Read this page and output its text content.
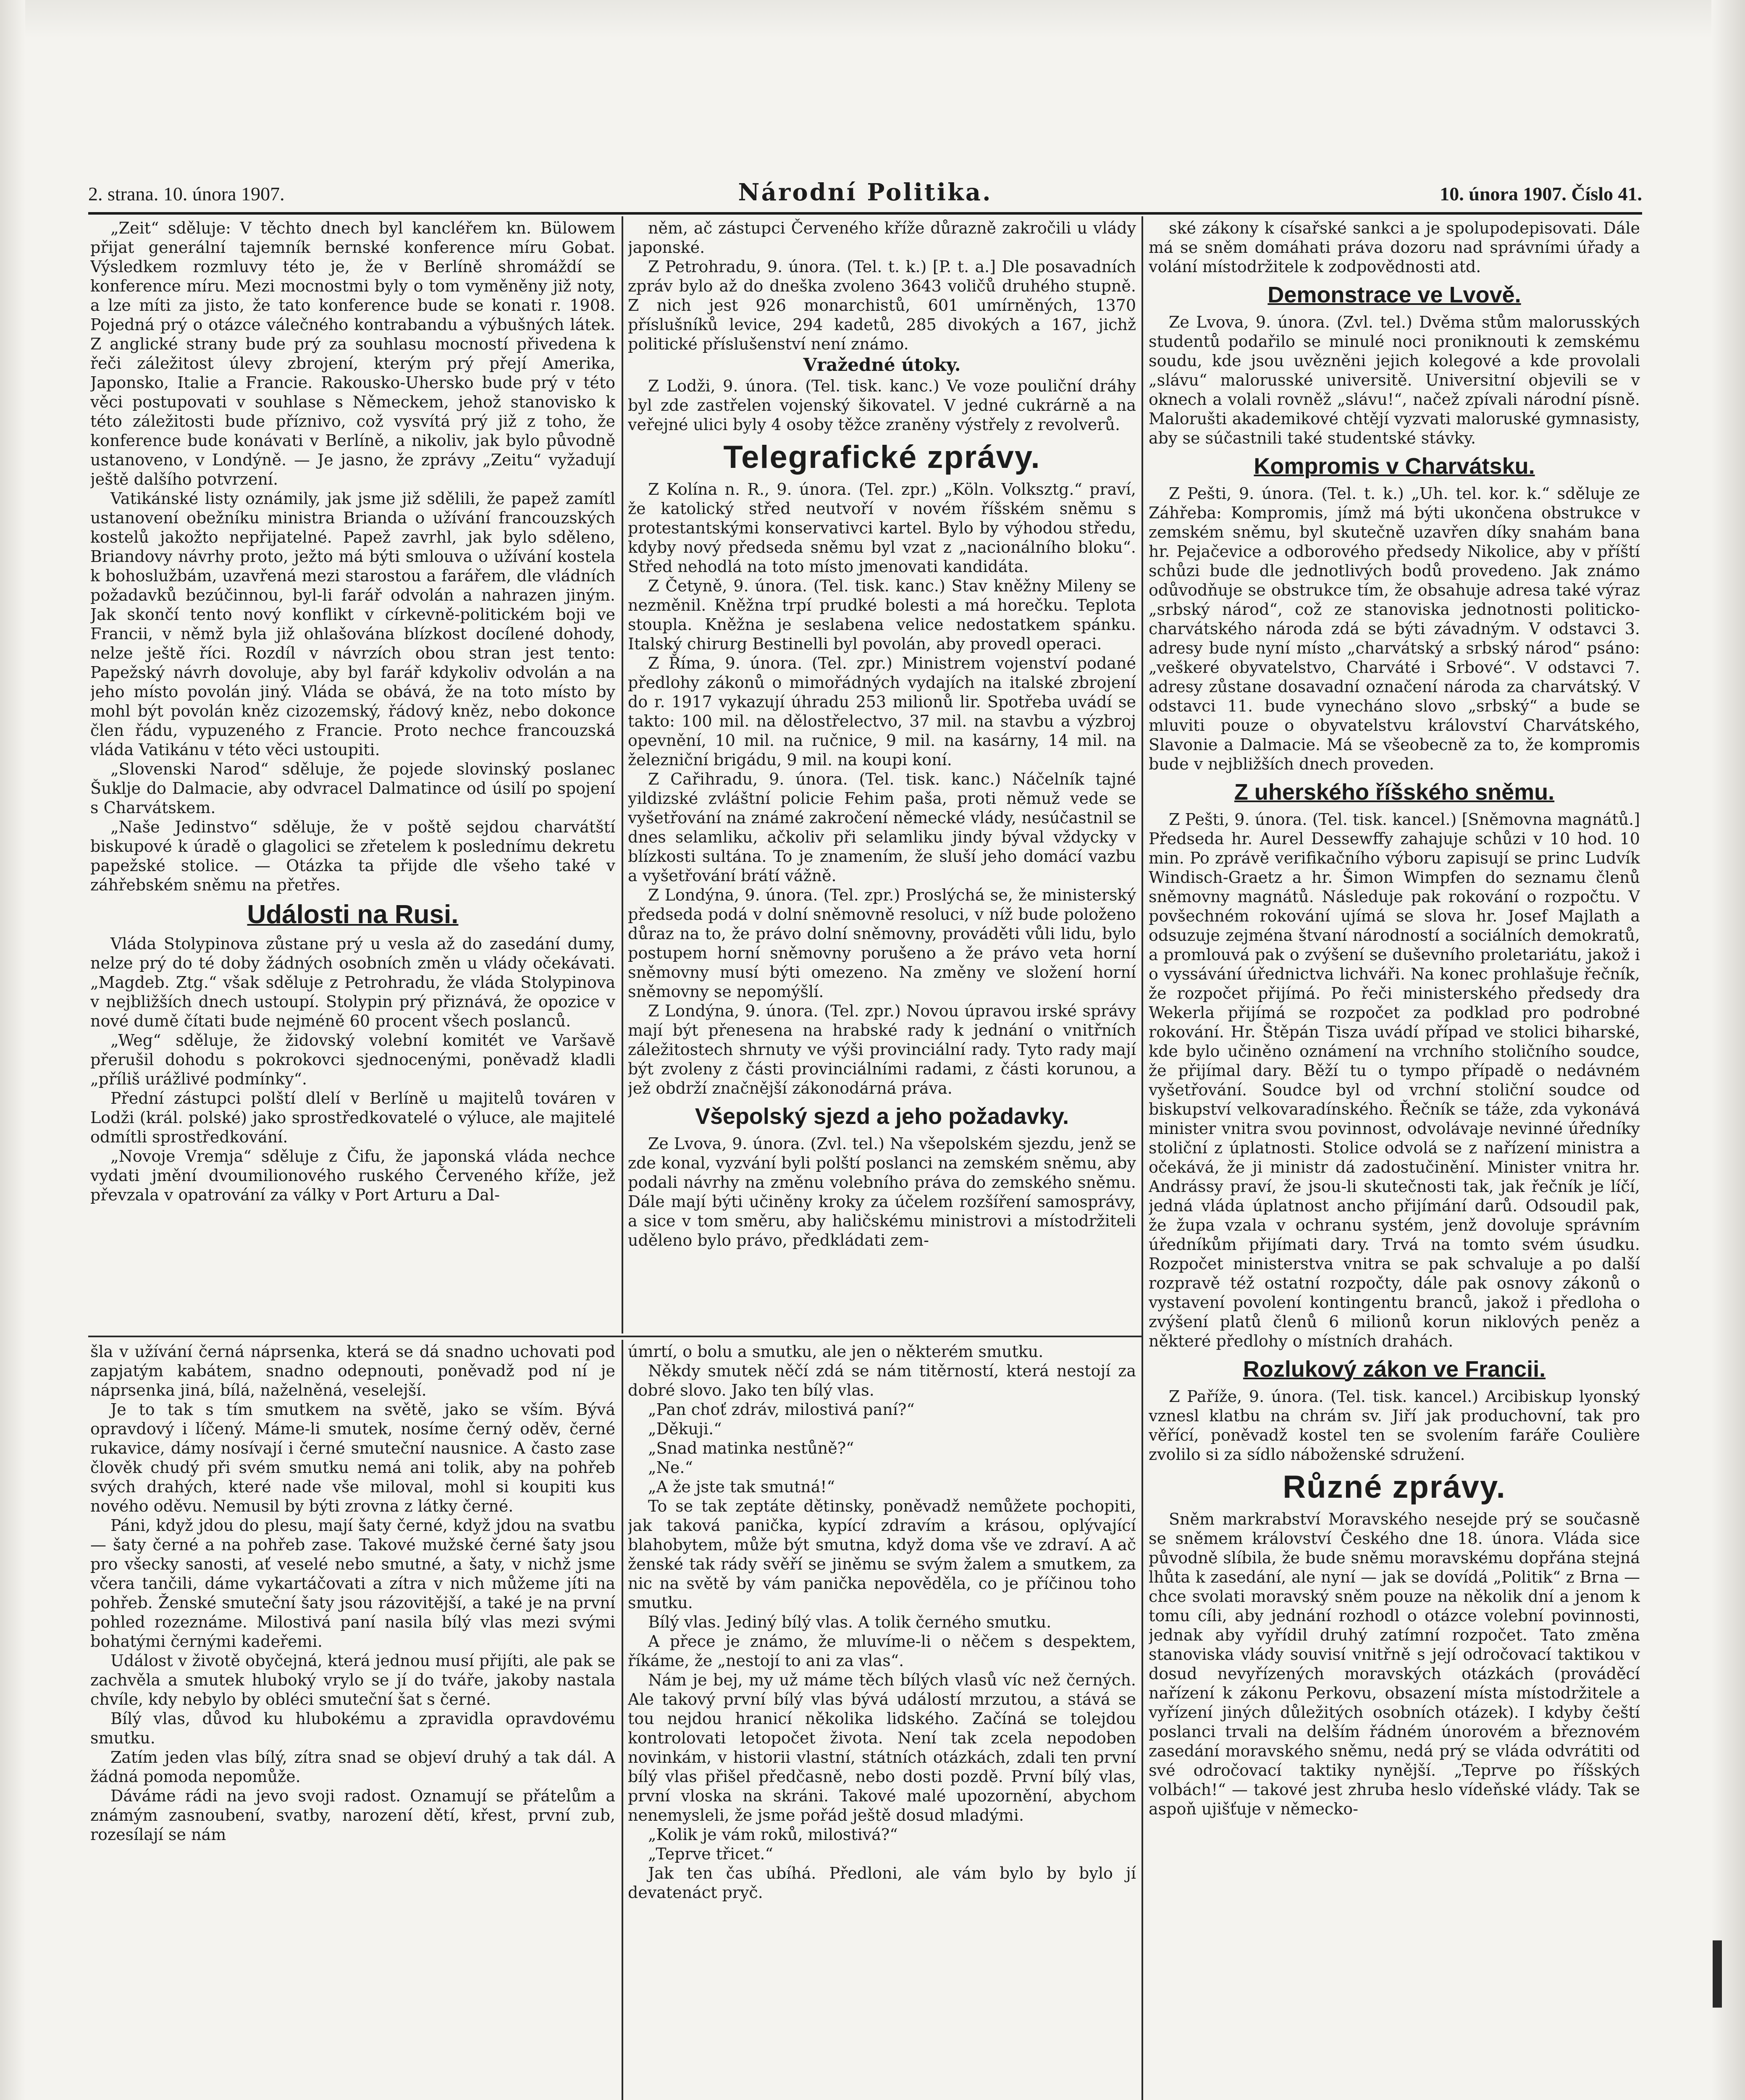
2. strana. 10. února 1907.	Národní Politika.	10. února 1907. Číslo 41.

„Zeit“ sděluje: V těchto dnech byl kancléřem kn. Bülowem přijat generální tajemník bernské konference míru Gobat. Výsledkem rozmluvy této je, že v Berlíně shromáždí se konference míru. Mezi mocnostmi byly o tom vyměněny již noty, a lze míti za jisto, že tato konference bude se konati r. 1908. Pojedná prý o otázce válečného kontrabandu a výbušných látek. Z anglické strany bude prý za souhlasu mocností přivedena k řeči záležitost úlevy zbrojení, kterým prý přejí Amerika, Japonsko, Italie a Francie. Rakousko-Uhersko bude prý v této věci postupovati v souhlase s Německem, jehož stanovisko k této záležitosti bude příznivo, což vysvítá prý již z toho, že konference bude konávati v Berlíně, a nikoliv, jak bylo původně ustanoveno, v Londýně. — Je jasno, že zprávy „Zeitu“ vyžadují ještě dalšího potvrzení.

Vatikánské listy oznámily, jak jsme již sdělili, že papež zamítl ustanovení obežníku ministra Brianda o užívání francouzských kostelů jakožto nepřijatelné. Papež zavrhl, jak bylo sděleno, Briandovy návrhy proto, ježto má býti smlouva o užívání kostela k bohoslužbám, uzavřená mezi starostou a farářem, dle vládních požadavků bezúčinnou, byl-li farář odvolán a nahrazen jiným. Jak skončí tento nový konflikt v církevně-politickém boji ve Francii, v němž byla již ohlašována blízkost docílené dohody, nelze ještě říci. Rozdíl v návrzích obou stran jest tento: Papežský návrh dovoluje, aby byl farář kdykoliv odvolán a na jeho místo povolán jiný. Vláda se obává, že na toto místo by mohl být povolán kněz cizozemský, řádový kněz, nebo dokonce člen řádu, vypuzeného z Francie. Proto nechce francouzská vláda Vatikánu v této věci ustoupiti.

„Slovenski Narod“ sděluje, že pojede slovinský poslanec Šuklje do Dalmacie, aby odvracel Dalmatince od úsilí po spojení s Charvátskem.

„Naše Jedinstvo“ sděluje, že v poště sejdou charvátští biskupové k úradě o glagolici se zřetelem k poslednímu dekretu papežské stolice. — Otázka ta přijde dle všeho také v záhřebském sněmu na přetřes.

Události na Rusi.

Vláda Stolypinova zůstane prý u vesla až do zasedání dumy, nelze prý do té doby žádných osobních změn u vlády očekávati. „Magdeb. Ztg.“ však sděluje z Petrohradu, že vláda Stolypinova v nejbližších dnech ustoupí. Stolypin prý přiznává, že opozice v nové dumě čítati bude nejméně 60 procent všech poslanců.

„Weg“ sděluje, že židovský volební komitét ve Varšavě přerušil dohodu s pokrokovci sjednocenými, poněvadž kladli „příliš urážlivé podmínky“.

Přední zástupci polští dlelí v Berlíně u majitelů továren v Lodži (král. polské) jako sprostředkovatelé o výluce, ale majitelé odmítli sprostředkování.

„Novoje Vremja“ sděluje z Čifu, že japonská vláda nechce vydati jmění dvoumilionového ruského Červeného kříže, jež převzala v opatrování za války v Port Arturu a Dal-

něm, ač zástupci Červeného kříže důrazně zakročili u vlády japonské.

Z Petrohradu, 9. února. (Tel. t. k.) [P. t. a.] Dle posavadních zpráv bylo až do dneška zvoleno 3643 voličů druhého stupně. Z nich jest 926 monarchistů, 601 umírněných, 1370 příslušníků levice, 294 kadetů, 285 divokých a 167, jichž politické příslušenství není známo.

Vražedné útoky.

Z Lodži, 9. února. (Tel. tisk. kanc.) Ve voze pouliční dráhy byl zde zastřelen vojenský šikovatel. V jedné cukrárně a na veřejné ulici byly 4 osoby těžce zraněny výstřely z revolverů.

Telegrafické zprávy.

Z Kolína n. R., 9. února. (Tel. zpr.) „Köln. Volksztg.“ praví, že katolický střed neutvoří v novém říšském sněmu s protestantskými konservativci kartel. Bylo by výhodou středu, kdyby nový předseda sněmu byl vzat z „nacionálního bloku“. Střed nehodlá na toto místo jmenovati kandidáta.

Z Četyně, 9. února. (Tel. tisk. kanc.) Stav kněžny Mileny se nezměnil. Kněžna trpí prudké bolesti a má horečku. Teplota stoupla. Kněžna je seslabena velice nedostatkem spánku. Italský chirurg Bestinelli byl povolán, aby provedl operaci.

Z Říma, 9. února. (Tel. zpr.) Ministrem vojenství podané předlohy zákonů o mimořádných vydajích na italské zbrojení do r. 1917 vykazují úhradu 253 milionů lir. Spotřeba uvádí se takto: 100 mil. na dělostřelectvo, 37 mil. na stavbu a výzbroj opevnění, 10 mil. na ručnice, 9 mil. na kasárny, 14 mil. na železniční brigádu, 9 mil. na koupi koní.

Z Cařihradu, 9. února. (Tel. tisk. kanc.) Náčelník tajné yildizské zvláštní policie Fehim paša, proti němuž vede se vyšetřování na známé zakročení německé vlády, nesúčastnil se dnes selamliku, ačkoliv při selamliku jindy býval vždycky v blízkosti sultána. To je znamením, že sluší jeho domácí vazbu a vyšetřování brátí vážně.

Z Londýna, 9. února. (Tel. zpr.) Proslýchá se, že ministerský předseda podá v dolní sněmovně resoluci, v níž bude položeno důraz na to, že právo dolní sněmovny, prováděti vůli lidu, bylo postupem horní sněmovny porušeno a že právo veta horní sněmovny musí býti omezeno. Na změny ve složení horní sněmovny se nepomýšlí.

Z Londýna, 9. února. (Tel. zpr.) Novou úpravou irské správy mají být přenesena na hrabské rady k jednání o vnitřních záležitostech shrnuty ve výši provinciální rady. Tyto rady mají být zvoleny z části provinciálními radami, z části korunou, a jež obdrží značnější zákonodárná práva.

Všepolský sjezd a jeho požadavky.

Ze Lvova, 9. února. (Zvl. tel.) Na všepolském sjezdu, jenž se zde konal, vyzvání byli polští poslanci na zemském sněmu, aby podali návrhy na změnu volebního práva do zemského sněmu. Dále mají býti učiněny kroky za účelem rozšíření samosprávy, a sice v tom směru, aby haličskému ministrovi a místodržiteli uděleno bylo právo, předkládati zem-

ské zákony k císařské sankci a je spolupodepisovati. Dále má se sněm domáhati práva dozoru nad správními úřady a volání místodržitele k zodpovědnosti atd.

Demonstrace ve Lvově.

Ze Lvova, 9. února. (Zvl. tel.) Dvěma stům malorusských studentů podařilo se minulé noci proniknouti k zemskému soudu, kde jsou uvězněni jejich kolegové a kde provolali „slávu“ malorusské universitě. Universitní objevili se v oknech a volali rovněž „slávu!“, načež zpívali národní písně. Malorušti akademikové chtějí vyzvati maloruské gymnasisty, aby se súčastnili také studentské stávky.

Kompromis v Charvátsku.

Z Pešti, 9. února. (Tel. t. k.) „Uh. tel. kor. k.“ sděluje ze Záhřeba: Kompromis, jímž má býti ukončena obstrukce v zemském sněmu, byl skutečně uzavřen díky snahám bana hr. Pejačevice a odborového předsedy Nikolice, aby v příští schůzi bude dle jednotlivých bodů provedeno. Jak známo odůvodňuje se obstrukce tím, že obsahuje adresa také výraz „srbský národ“, což ze stanoviska jednotnosti politicko-charvátského národa zdá se býti závadným. V odstavci 3. adresy bude nyní místo „charvátský a srbský národ“ psáno: „veškeré obyvatelstvo, Charváté i Srbové“. V odstavci 7. adresy zůstane dosavadní označení národa za charvátský. V odstavci 11. bude vynecháno slovo „srbský“ a bude se mluviti pouze o obyvatelstvu království Charvátského, Slavonie a Dalmacie. Má se všeobecně za to, že kompromis bude v nejbližších dnech proveden.

Z uherského říšského sněmu.

Z Pešti, 9. února. (Tel. tisk. kancel.) [Sněmovna magnátů.] Předseda hr. Aurel Dessewffy zahajuje schůzi v 10 hod. 10 min. Po zprávě verifikačního výboru zapisují se princ Ludvík Windisch-Graetz a hr. Šimon Wimpfen do seznamu členů sněmovny magnátů. Následuje pak rokování o rozpočtu. V povšechném rokování ujímá se slova hr. Josef Majlath a odsuzuje zejména štvaní národností a sociálních demokratů, a promlouvá pak o zvýšení se duševního proletariátu, jakož i o vyssávání úřednictva lichváři. Na konec prohlašuje řečník, že rozpočet přijímá. Po řeči ministerského předsedy dra Wekerla přijímá se rozpočet za podklad pro podrobné rokování. Hr. Štěpán Tisza uvádí případ ve stolici biharské, kde bylo učiněno oznámení na vrchního stoličního soudce, že přijímal dary. Běží tu o tympo případě o nedávném vyšetřování. Soudce byl od vrchní stoliční soudce od biskupství velkovaradínského. Řečník se táže, zda vykonává minister vnitra svou povinnost, odvolávaje nevinné úředníky stoliční z úplatnosti. Stolice odvolá se z nařízení ministra a očekává, že ji ministr dá zadostučinění. Minister vnitra hr. Andrássy praví, že jsou-li skutečnosti tak, jak řečník je líčí, jedná vláda úplatnost ancho přijímání darů. Odsoudil pak, že župa vzala v ochranu systém, jenž dovoluje správním úředníkům přijímati dary. Trvá na tomto svém úsudku. Rozpočet ministerstva vnitra se pak schvaluje a po další rozpravě též ostatní rozpočty, dále pak osnovy zákonů o vystavení povolení kontingentu branců, jakož i předloha o zvýšení platů členů 6 milionů korun niklových peněz a některé předlohy o místních drahách.

Rozlukový zákon ve Francii.

Z Paříže, 9. února. (Tel. tisk. kancel.) Arcibiskup lyonský vznesl klatbu na chrám sv. Jiří jak produchovní, tak pro věřící, poněvadž kostel ten se svolením faráře Coulière zvolilo si za sídlo náboženské sdružení.

Různé zprávy.

Sněm markrabství Moravského nesejde prý se současně se sněmem království Českého dne 18. února. Vláda sice původně slíbila, že bude sněmu moravskému dopřána stejná lhůta k zasedání, ale nyní — jak se dovídá „Politik“ z Brna — chce svolati moravský sněm pouze na několik dní a jenom k tomu cíli, aby jednání rozhodl o otázce volební povinnosti, jednak aby vyřídil druhý zatímní rozpočet. Tato změna stanoviska vlády souvisí vnitřně s její odročovací taktikou v dosud nevyřízených moravských otázkách (prováděcí nařízení k zákonu Perkovu, obsazení místa místodržitele a vyřízení jiných důležitých osobních otázek). I kdyby čeští poslanci trvali na delším řádném únorovém a březnovém zasedání moravského sněmu, nedá prý se vláda odvrátiti od své odročovací taktiky nynější. „Teprve po říšských volbách!“ — takové jest zhruba heslo vídeňské vlády. Tak se aspoň ujišťuje v německo-

šla v užívání černá náprsenka, která se dá snadno uchovati pod zapjatým kabátem, snadno odepnouti, poněvadž pod ní je náprsenka jiná, bílá, naželněná, veselejší.

Je to tak s tím smutkem na světě, jako se vším. Bývá opravdový i líčený. Máme-li smutek, nosíme černý oděv, černé rukavice, dámy nosívají i černé smuteční nausnice. A často zase člověk chudý při svém smutku nemá ani tolik, aby na pohřeb svých drahých, které nade vše miloval, mohl si koupiti kus nového oděvu. Nemusil by býti zrovna z látky černé.

Páni, když jdou do plesu, mají šaty černé, když jdou na svatbu — šaty černé a na pohřeb zase. Takové mužské černé šaty jsou pro všecky sanosti, ať veselé nebo smutné, a šaty, v nichž jsme včera tančili, dáme vykartáčovati a zítra v nich můžeme jíti na pohřeb. Ženské smuteční šaty jsou rázovitější, a také je na první pohled rozeznáme. Milostivá paní nasila bílý vlas mezi svými bohatými černými kadeřemi.

Událost v životě obyčejná, která jednou musí přijíti, ale pak se zachvěla a smutek hluboký vrylo se jí do tváře, jakoby nastala chvíle, kdy nebylo by obléci smuteční šat s černé.

Bílý vlas, důvod ku hlubokému a zpravidla opravdovému smutku.

Zatím jeden vlas bílý, zítra snad se objeví druhý a tak dál. A žádná pomoda nepomůže.

Dáváme rádi na jevo svoji radost. Oznamují se přátelům a známým zasnoubení, svatby, narození dětí, křest, první zub, rozesílají se nám

úmrtí, o bolu a smutku, ale jen o některém smutku.

Někdy smutek něčí zdá se nám titěrností, která nestojí za dobré slovo. Jako ten bílý vlas.

„Pan choť zdráv, milostivá paní?“

„Děkuji.“

„Snad matinka nestůně?“

„Ne.“

„A že jste tak smutná!“

To se tak zeptáte dětinsky, poněvadž nemůžete pochopiti, jak taková panička, kypící zdravím a krásou, oplývající blahobytem, může být smutna, když doma vše ve zdraví. A ač ženské tak rády svěří se jiněmu se svým žalem a smutkem, za nic na světě by vám panička nepověděla, co je příčinou toho smutku.

Bílý vlas. Jediný bílý vlas. A tolik černého smutku.

A přece je známo, že mluvíme-li o něčem s despektem, říkáme, že „nestojí to ani za vlas“.

Nám je bej, my už máme těch bílých vlasů víc než černých. Ale takový první bílý vlas bývá událostí mrzutou, a stává se tou nejdou hranicí několika lidského. Začíná se tolejdou kontrolovati letopočet života. Není tak zcela nepodoben novinkám, v historii vlastní, státních otázkách, zdali ten první bílý vlas přišel předčasně, nebo dosti pozdě. První bílý vlas, první vloska na skráni. Takové malé upozornění, abychom nenemysleli, že jsme pořád ještě dosud mladými.

„Kolik je vám roků, milostivá?“

„Teprve třicet.“

Jak ten čas ubíhá. Předloni, ale vám bylo by bylo jí devatenáct pryč.
